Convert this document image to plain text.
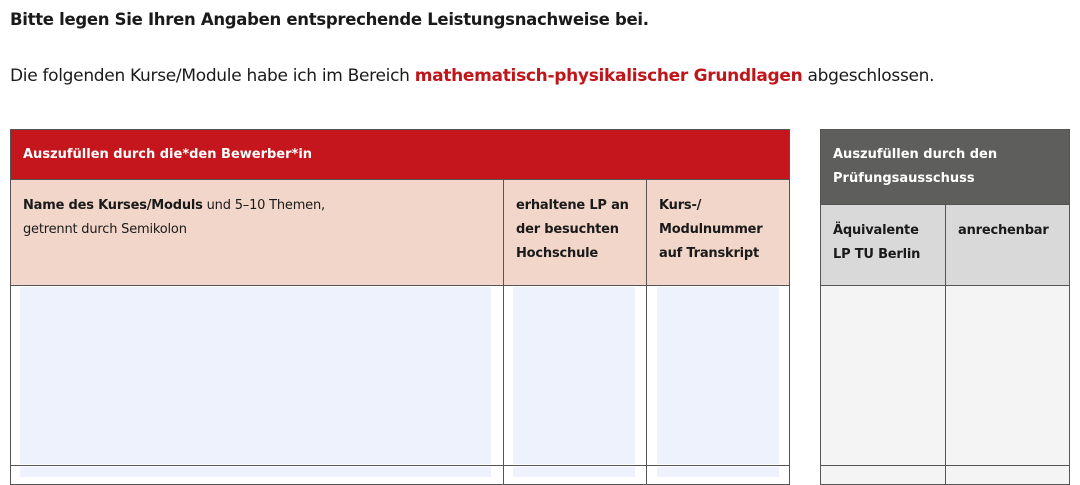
Bitte legen Sie Ihren Angaben entsprechende Leistungsnachweise bei.
Die folgenden Kurse/Module habe ich im Bereich mathematisch-physikalischer Grundlagen abgeschlossen.
Auszufüllen durch die*den Bewerber*in
Name des Kurses/Moduls und 5–10 Themen,
getrennt durch Semikolon
erhaltene LP an der besuchten Hochschule
Kurs-/ Modulnummer auf Transkript
Auszufüllen durch den Prüfungsausschuss
Äquivalente LP TU Berlin
anrechenbar
